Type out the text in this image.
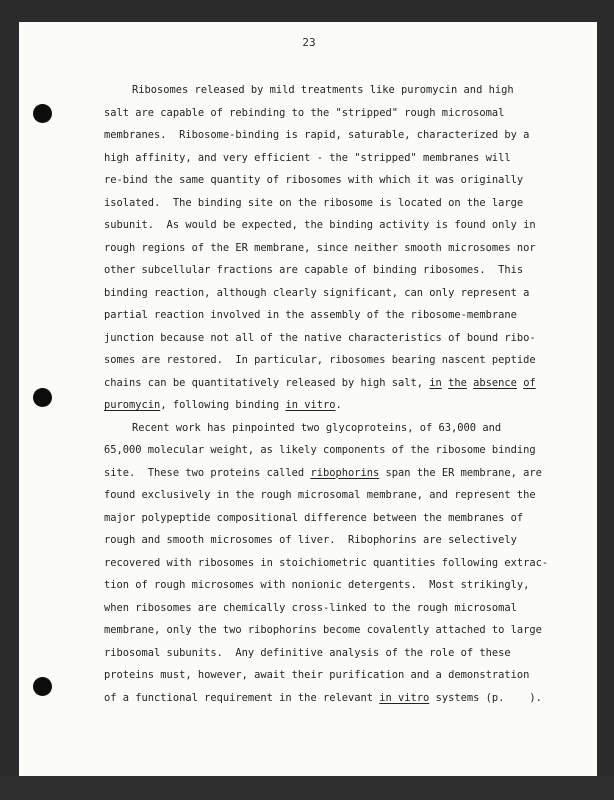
23
Ribosomes released by mild treatments like puromycin and high
salt are capable of rebinding to the "stripped" rough microsomal
membranes.  Ribosome-binding is rapid, saturable, characterized by a
high affinity, and very efficient - the "stripped" membranes will
re-bind the same quantity of ribosomes with which it was originally
isolated.  The binding site on the ribosome is located on the large
subunit.  As would be expected, the binding activity is found only in
rough regions of the ER membrane, since neither smooth microsomes nor
other subcellular fractions are capable of binding ribosomes.  This
binding reaction, although clearly significant, can only represent a
partial reaction involved in the assembly of the ribosome-membrane
junction because not all of the native characteristics of bound ribo-
somes are restored.  In particular, ribosomes bearing nascent peptide
chains can be quantitatively released by high salt, in the absence of
puromycin, following binding in vitro.
Recent work has pinpointed two glycoproteins, of 63,000 and
65,000 molecular weight, as likely components of the ribosome binding
site.  These two proteins called ribophorins span the ER membrane, are
found exclusively in the rough microsomal membrane, and represent the
major polypeptide compositional difference between the membranes of
rough and smooth microsomes of liver.  Ribophorins are selectively
recovered with ribosomes in stoichiometric quantities following extrac-
tion of rough microsomes with nonionic detergents.  Most strikingly,
when ribosomes are chemically cross-linked to the rough microsomal
membrane, only the two ribophorins become covalently attached to large
ribosomal subunits.  Any definitive analysis of the role of these
proteins must, however, await their purification and a demonstration
of a functional requirement in the relevant in vitro systems (p.    ).
